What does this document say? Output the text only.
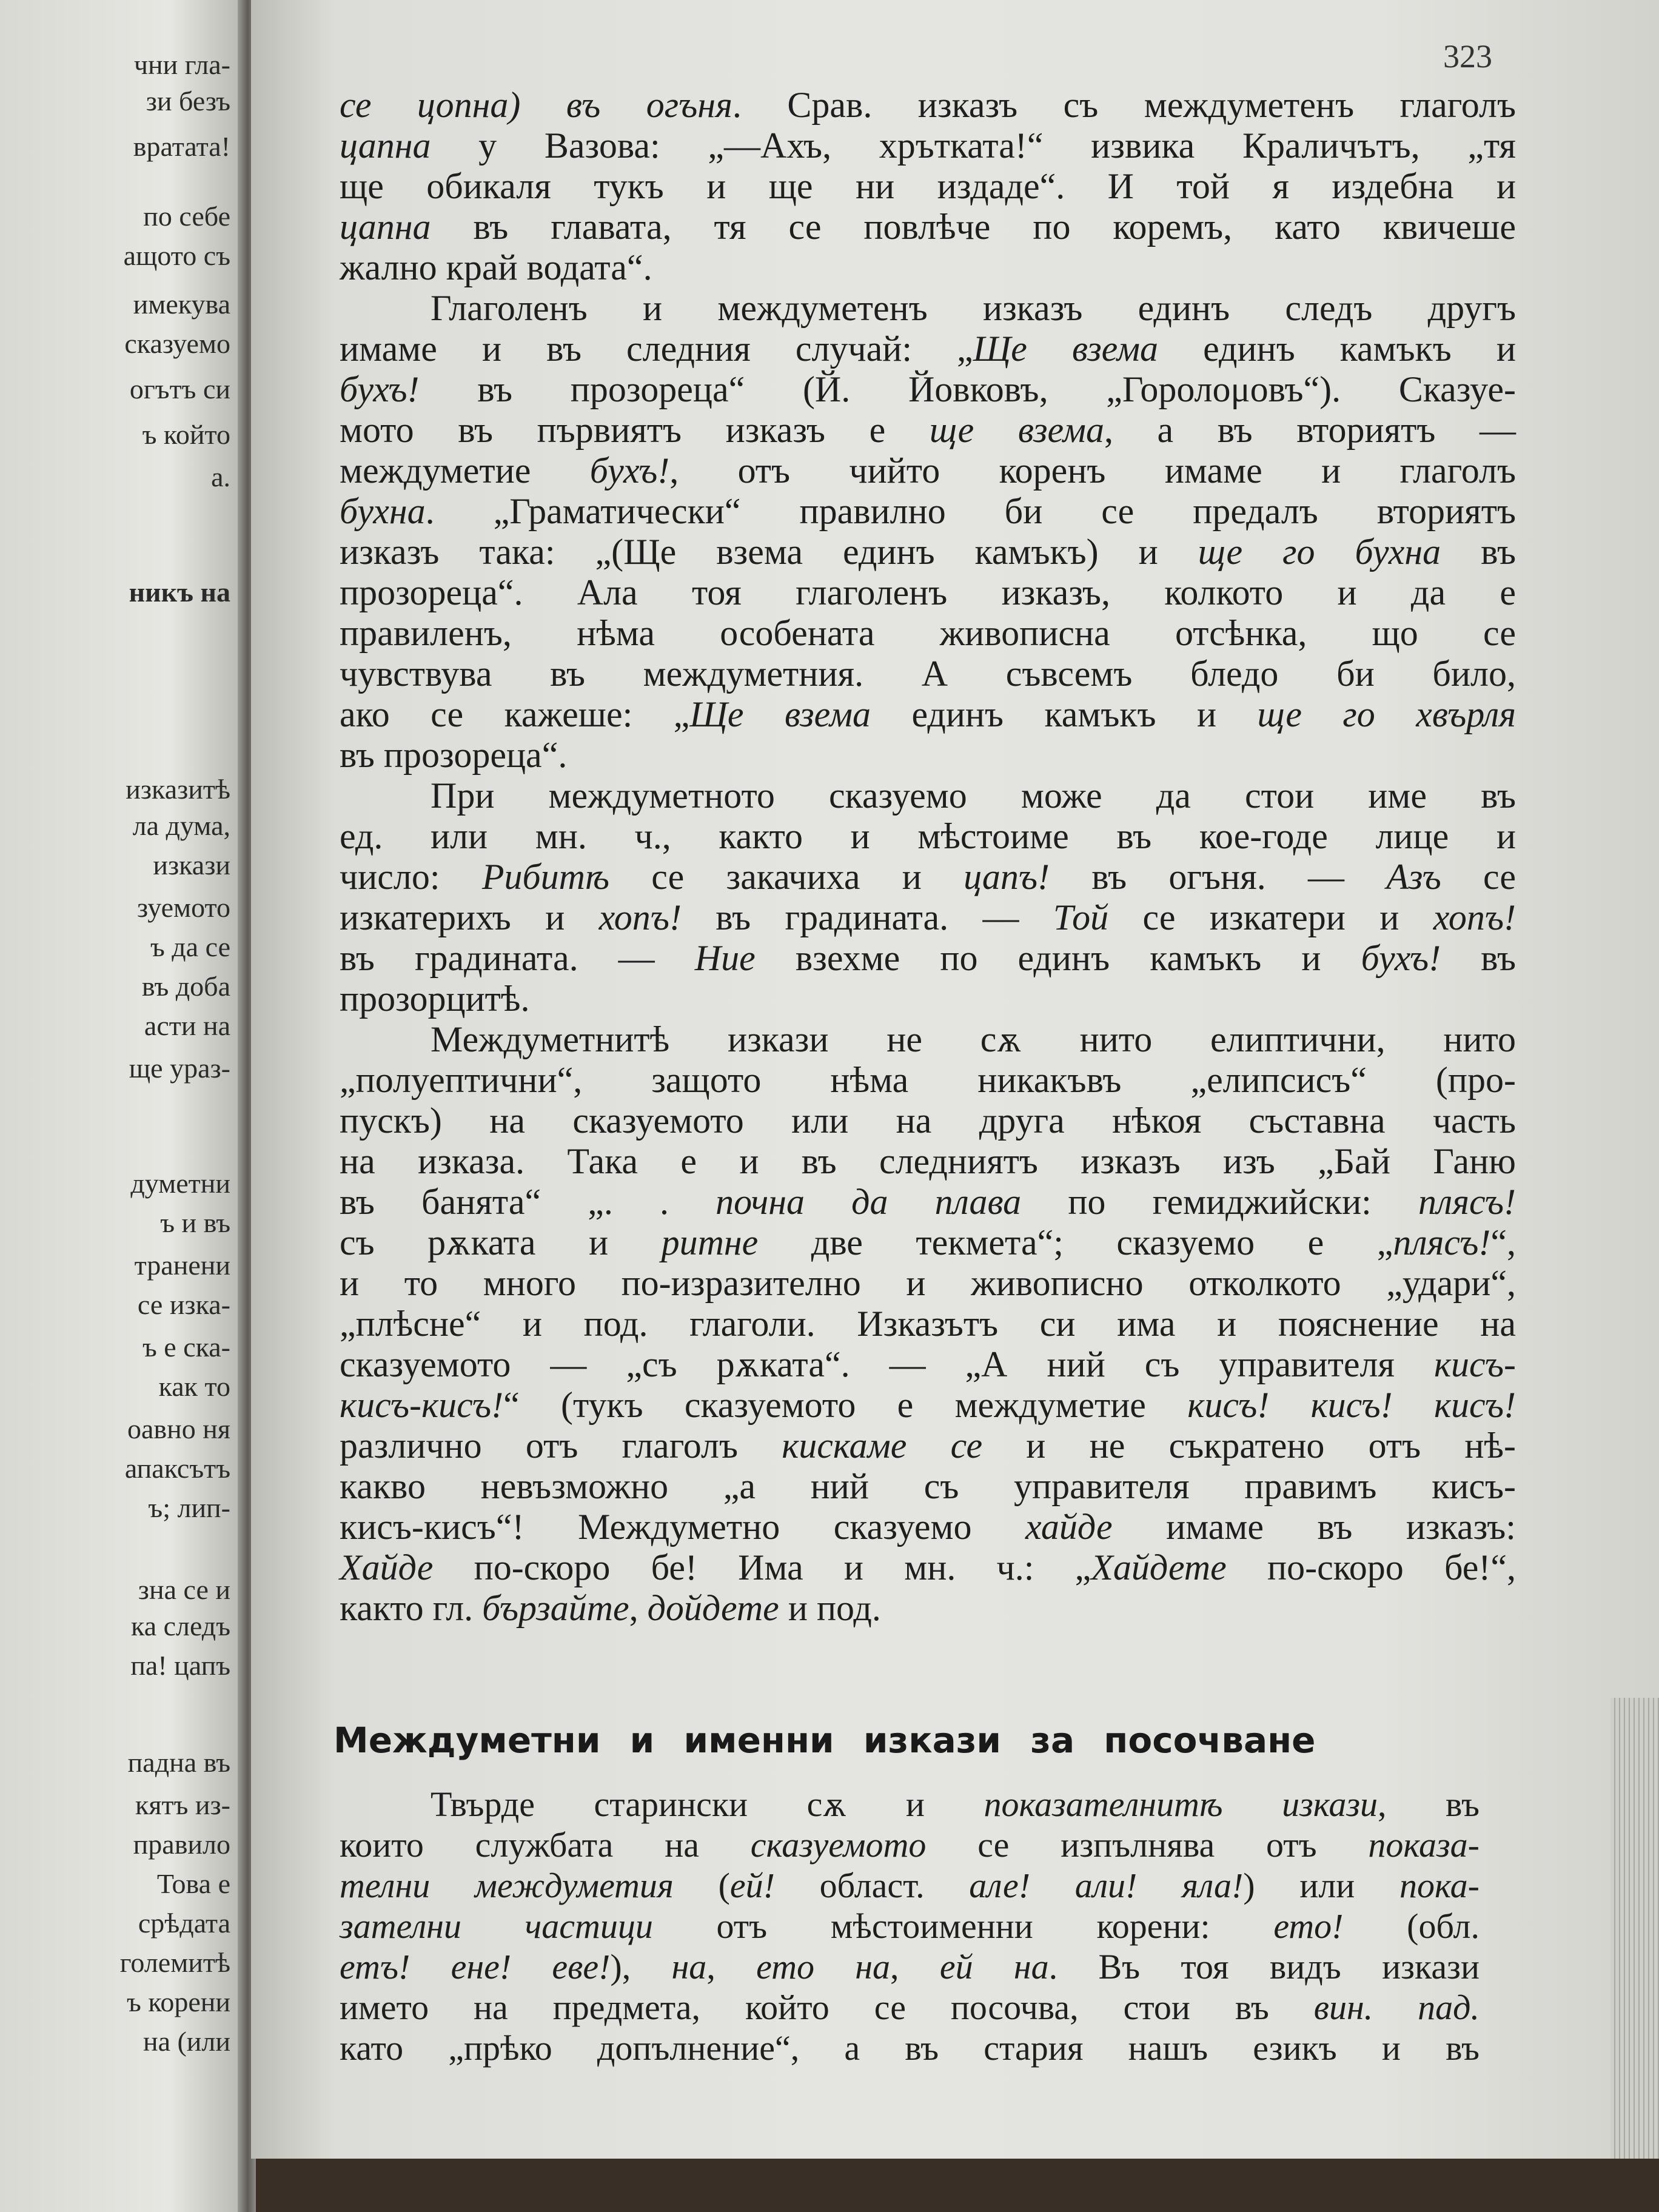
чни гла-
зи безъ
вратата!
по себе
ащото съ
имекува
сказуемо
огътъ си
ъ който
а.
никъ на
изказитѣ
ла дума,
изкази
зуемото
ъ да се
въ доба
асти на
ще ураз-
думетни
ъ и въ
транени
се изка-
ъ е ска-
как то
оавно ня
апаксътъ
ъ; лип-
зна се и
ка следъ
па! цапъ
падна въ
кятъ из-
правило
Това е
срѣдата
големитѣ
ъ корени
на (или
323
се цопна) въ огъня. Срав. изказъ съ междуметенъ глаголъ
цапна у Вазова: „—Ахъ, хрътката!“ извика Краличътъ, „тя
ще обикаля тукъ и ще ни издаде“. И той я издебна и
цапна въ главата, тя се повлѣче по коремъ, като квичеше
жално край водата“.
Глаголенъ и междуметенъ изказъ единъ следъ другъ
имаме и въ следния случай: „Ще взема единъ камъкъ и
бухъ! въ прозореца“ (Й. Йовковъ, „Горолομовъ“). Сказуе-
мото въ първиятъ изказъ е ще взема, а въ вториятъ —
междуметие бухъ!, отъ чийто коренъ имаме и глаголъ
бухна. „Граматически“ правилно би се предалъ вториятъ
изказъ така: „(Ще взема единъ камъкъ) и ще го бухна въ
прозореца“. Ала тоя глаголенъ изказъ, колкото и да е
правиленъ, нѣма особената живописна отсѣнка, що се
чувствува въ междуметния. А съвсемъ бледо би било,
ако се кажеше: „Ще взема единъ камъкъ и ще го хвърля
въ прозореца“.
При междуметното сказуемо може да стои име въ
ед. или мн. ч., както и мѣстоиме въ кое-годе лице и
число: Рибитѣ се закачиха и цапъ! въ огъня. — Азъ се
изкатерихъ и хопъ! въ градината. — Той се изкатери и хопъ!
въ градината. — Ние взехме по единъ камъкъ и бухъ! въ
прозорцитѣ.
Междуметнитѣ изкази не сѫ нито елиптични, нито
„полуептични“, защото нѣма никакъвъ „елипсисъ“ (про-
пускъ) на сказуемото или на друга нѣкоя съставна часть
на изказа. Така е и въ следниятъ изказъ изъ „Бай Ганю
въ банята“ „. . почна да плава по гемиджийски: плясъ!
съ рѫката и ритне две текмета“; сказуемо е „плясъ!“,
и то много по-изразително и живописно отколкото „удари“,
„плѣсне“ и под. глаголи. Изказътъ си има и пояснение на
сказуемото — „съ рѫката“. — „А ний съ управителя кисъ-
кисъ-кисъ!“ (тукъ сказуемото е междуметие кисъ! кисъ! кисъ!
различно отъ глаголъ кискаме се и не съкратено отъ нѣ-
какво невъзможно „а ний съ управителя правимъ кисъ-
кисъ-кисъ“! Междуметно сказуемо хайде имаме въ изказъ:
Хайде по-скоро бе! Има и мн. ч.: „Хайдете по-скоро бе!“,
както гл. бързайте, дойдете и под.
Междуметни и именни изкази за посочване
Твърде старински сѫ и показателнитѣ изкази, въ
които службата на сказуемото се изпълнява отъ показа-
телни междуметия (ей! област. але! али! яла!) или пока-
зателни частици отъ мѣстоименни корени: ето! (обл.
етъ! ене! еве!), на, ето на, ей на. Въ тоя видъ изкази
името на предмета, който се посочва, стои въ вин. пад.
като „прѣко допълнение“, а въ стария нашъ езикъ и въ
